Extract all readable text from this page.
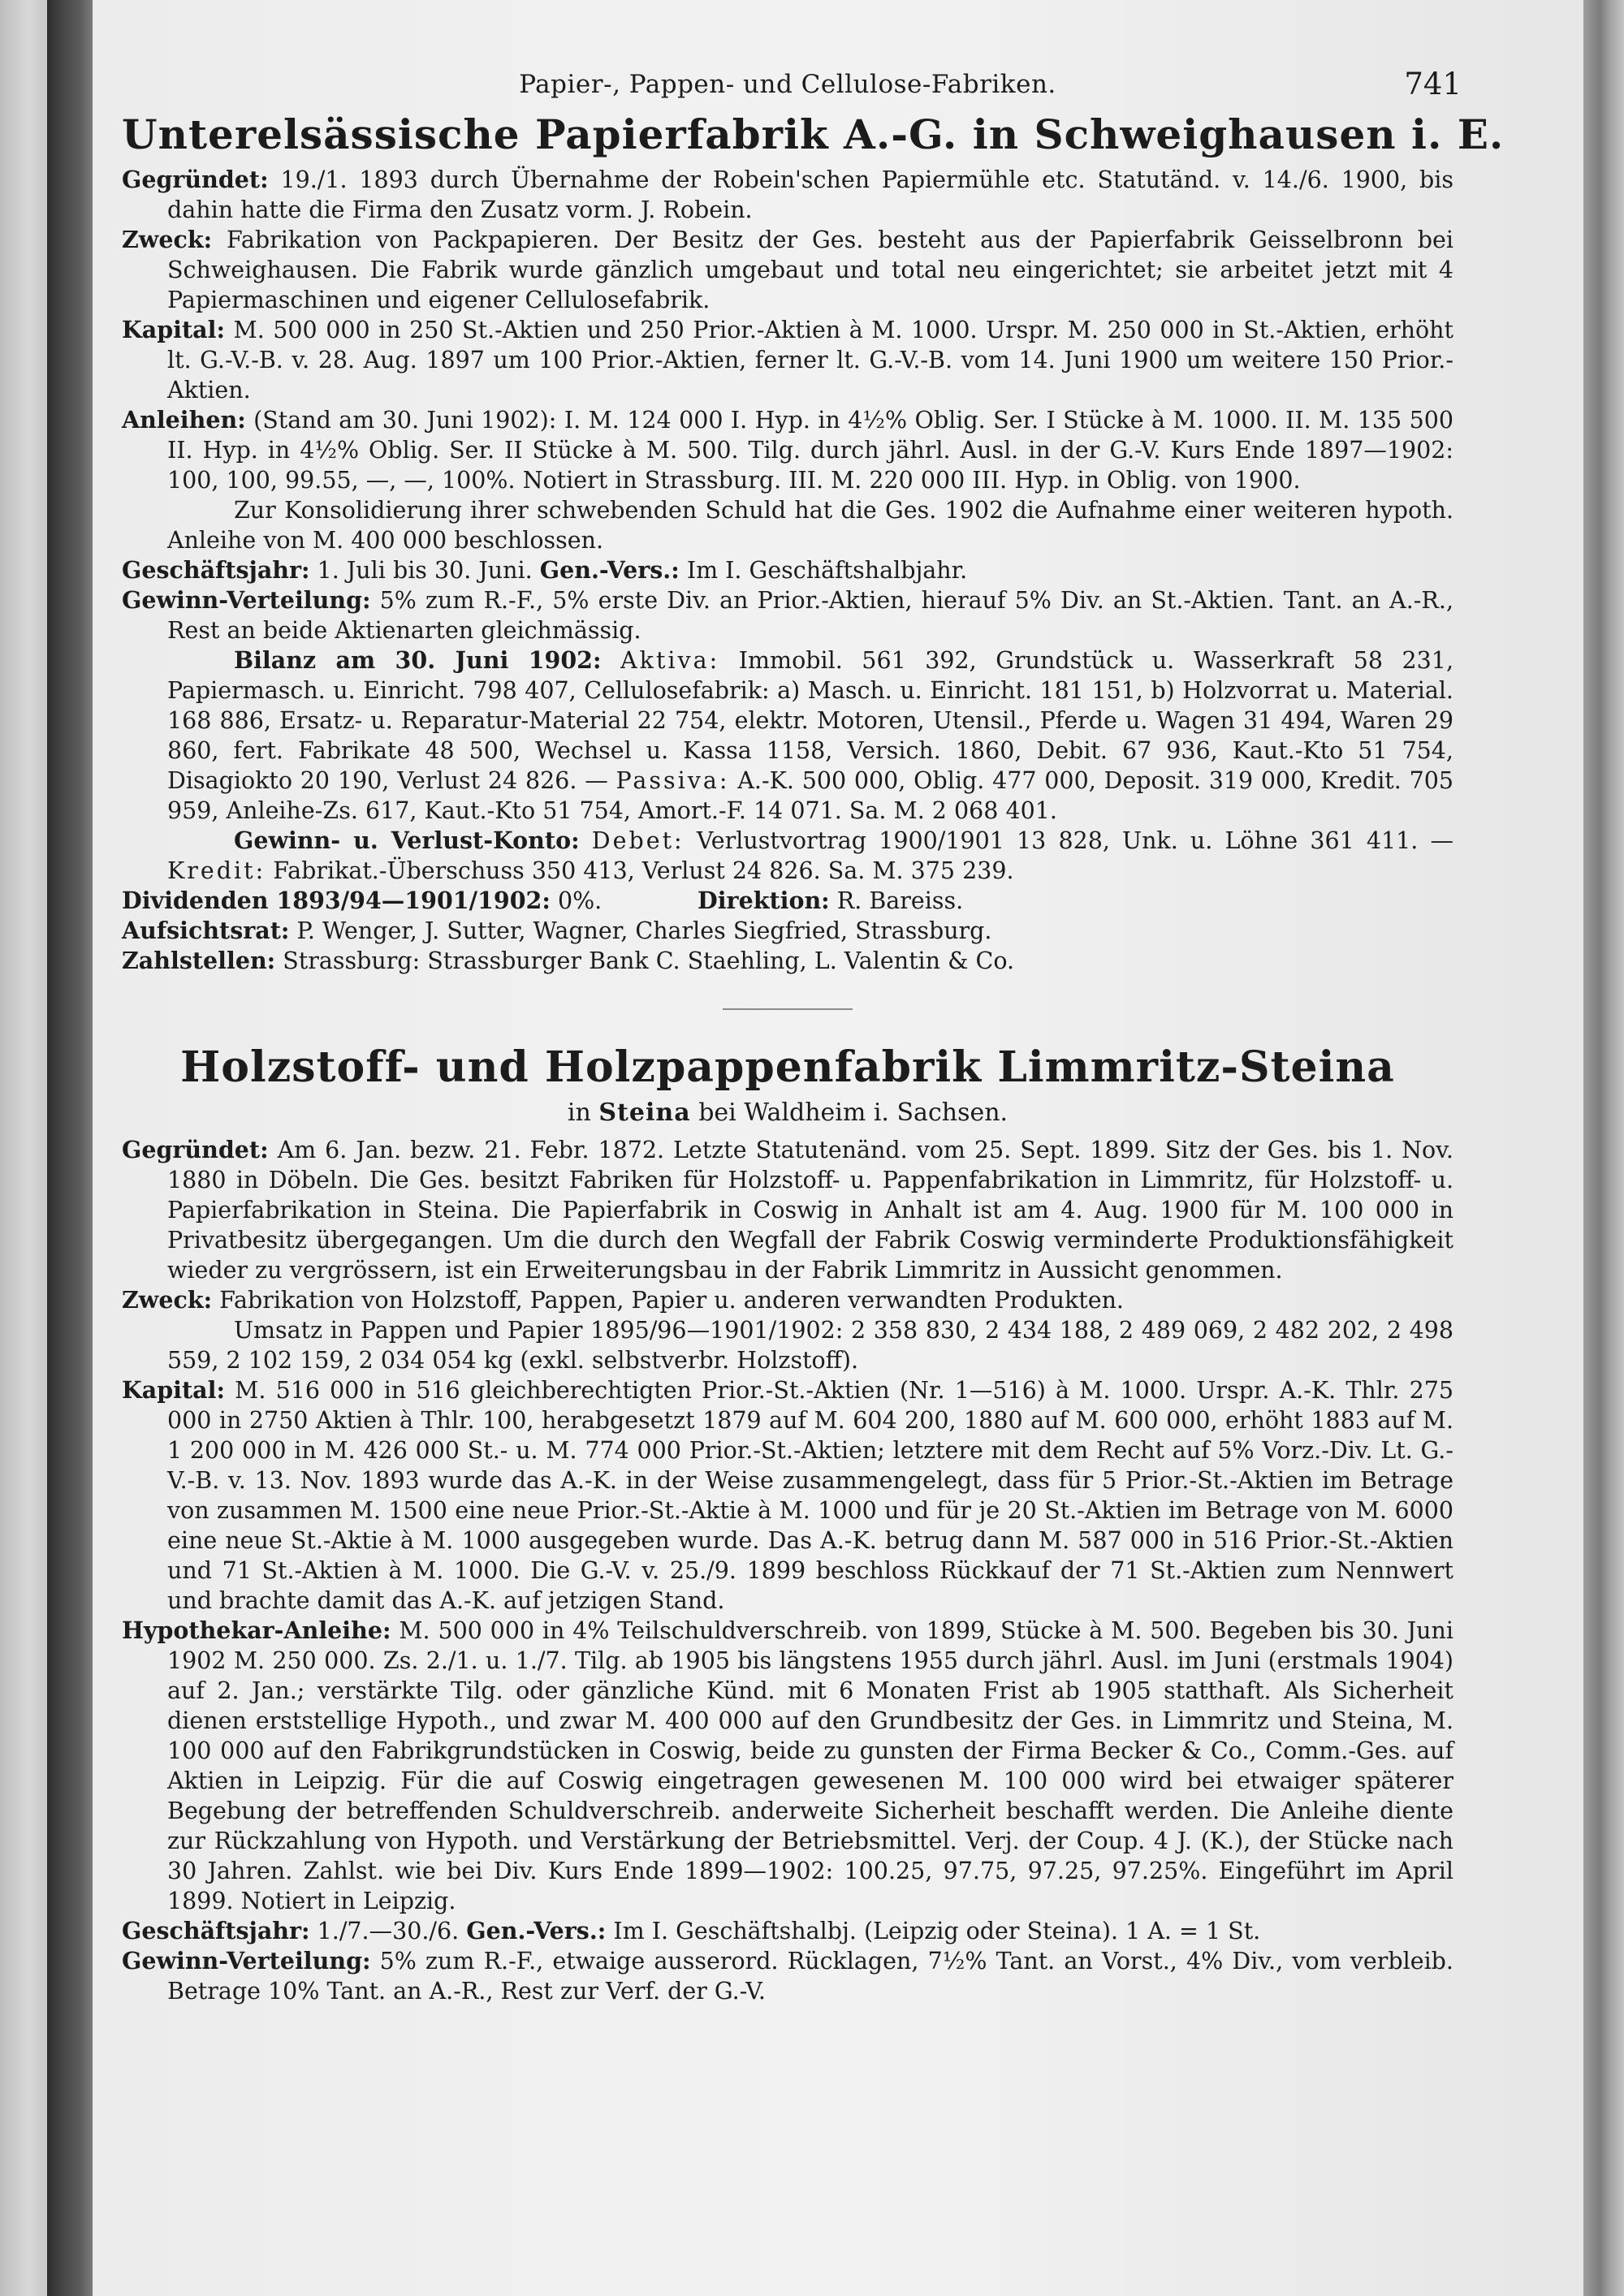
Papier-, Pappen- und Cellulose-Fabriken.	741
Unterelsässische Papierfabrik A.-G. in Schweighausen i. E.

Gegründet: 19./1. 1893 durch Übernahme der Robein'schen Papiermühle etc. Statutänd. v. 14./6. 1900, bis dahin hatte die Firma den Zusatz vorm. J. Robein.

Zweck: Fabrikation von Packpapieren. Der Besitz der Ges. besteht aus der Papierfabrik Geisselbronn bei Schweighausen. Die Fabrik wurde gänzlich umgebaut und total neu eingerichtet; sie arbeitet jetzt mit 4 Papiermaschinen und eigener Cellulosefabrik.

Kapital: M. 500 000 in 250 St.-Aktien und 250 Prior.-Aktien à M. 1000. Urspr. M. 250 000 in St.-Aktien, erhöht lt. G.-V.-B. v. 28. Aug. 1897 um 100 Prior.-Aktien, ferner lt. G.-V.-B. vom 14. Juni 1900 um weitere 150 Prior.-Aktien.

Anleihen: (Stand am 30. Juni 1902): I. M. 124 000 I. Hyp. in 4½% Oblig. Ser. I Stücke à M. 1000. II. M. 135 500 II. Hyp. in 4½% Oblig. Ser. II Stücke à M. 500. Tilg. durch jährl. Ausl. in der G.-V. Kurs Ende 1897—1902: 100, 100, 99.55, —, —, 100%. Notiert in Strassburg. III. M. 220 000 III. Hyp. in Oblig. von 1900.

Zur Konsolidierung ihrer schwebenden Schuld hat die Ges. 1902 die Aufnahme einer weiteren hypoth. Anleihe von M. 400 000 beschlossen.

Geschäftsjahr: 1. Juli bis 30. Juni. Gen.-Vers.: Im I. Geschäftshalbjahr.

Gewinn-Verteilung: 5% zum R.-F., 5% erste Div. an Prior.-Aktien, hierauf 5% Div. an St.-Aktien. Tant. an A.-R., Rest an beide Aktienarten gleichmässig.

Bilanz am 30. Juni 1902: Aktiva: Immobil. 561 392, Grundstück u. Wasserkraft 58 231, Papiermasch. u. Einricht. 798 407, Cellulosefabrik: a) Masch. u. Einricht. 181 151, b) Holzvorrat u. Material. 168 886, Ersatz- u. Reparatur-Material 22 754, elektr. Motoren, Utensil., Pferde u. Wagen 31 494, Waren 29 860, fert. Fabrikate 48 500, Wechsel u. Kassa 1158, Versich. 1860, Debit. 67 936, Kaut.-Kto 51 754, Disagiokto 20 190, Verlust 24 826. — Passiva: A.-K. 500 000, Oblig. 477 000, Deposit. 319 000, Kredit. 705 959, Anleihe-Zs. 617, Kaut.-Kto 51 754, Amort.-F. 14 071. Sa. M. 2 068 401.

Gewinn- u. Verlust-Konto: Debet: Verlustvortrag 1900/1901 13 828, Unk. u. Löhne 361 411. — Kredit: Fabrikat.-Überschuss 350 413, Verlust 24 826. Sa. M. 375 239.

Dividenden 1893/94—1901/1902: 0%.	Direktion: R. Bareiss.

Aufsichtsrat: P. Wenger, J. Sutter, Wagner, Charles Siegfried, Strassburg.

Zahlstellen: Strassburg: Strassburger Bank C. Staehling, L. Valentin & Co.

Holzstoff- und Holzpappenfabrik Limmritz-Steina

in Steina bei Waldheim i. Sachsen.

Gegründet: Am 6. Jan. bezw. 21. Febr. 1872. Letzte Statutenänd. vom 25. Sept. 1899. Sitz der Ges. bis 1. Nov. 1880 in Döbeln. Die Ges. besitzt Fabriken für Holzstoff- u. Pappenfabrikation in Limmritz, für Holzstoff- u. Papierfabrikation in Steina. Die Papierfabrik in Coswig in Anhalt ist am 4. Aug. 1900 für M. 100 000 in Privatbesitz übergegangen. Um die durch den Wegfall der Fabrik Coswig verminderte Produktionsfähigkeit wieder zu vergrössern, ist ein Erweiterungsbau in der Fabrik Limmritz in Aussicht genommen.

Zweck: Fabrikation von Holzstoff, Pappen, Papier u. anderen verwandten Produkten.

Umsatz in Pappen und Papier 1895/96—1901/1902: 2 358 830, 2 434 188, 2 489 069, 2 482 202, 2 498 559, 2 102 159, 2 034 054 kg (exkl. selbstverbr. Holzstoff).

Kapital: M. 516 000 in 516 gleichberechtigten Prior.-St.-Aktien (Nr. 1—516) à M. 1000. Urspr. A.-K. Thlr. 275 000 in 2750 Aktien à Thlr. 100, herabgesetzt 1879 auf M. 604 200, 1880 auf M. 600 000, erhöht 1883 auf M. 1 200 000 in M. 426 000 St.- u. M. 774 000 Prior.-St.-Aktien; letztere mit dem Recht auf 5% Vorz.-Div. Lt. G.-V.-B. v. 13. Nov. 1893 wurde das A.-K. in der Weise zusammengelegt, dass für 5 Prior.-St.-Aktien im Betrage von zusammen M. 1500 eine neue Prior.-St.-Aktie à M. 1000 und für je 20 St.-Aktien im Betrage von M. 6000 eine neue St.-Aktie à M. 1000 ausgegeben wurde. Das A.-K. betrug dann M. 587 000 in 516 Prior.-St.-Aktien und 71 St.-Aktien à M. 1000. Die G.-V. v. 25./9. 1899 beschloss Rückkauf der 71 St.-Aktien zum Nennwert und brachte damit das A.-K. auf jetzigen Stand.

Hypothekar-Anleihe: M. 500 000 in 4% Teilschuldverschreib. von 1899, Stücke à M. 500. Begeben bis 30. Juni 1902 M. 250 000. Zs. 2./1. u. 1./7. Tilg. ab 1905 bis längstens 1955 durch jährl. Ausl. im Juni (erstmals 1904) auf 2. Jan.; verstärkte Tilg. oder gänzliche Künd. mit 6 Monaten Frist ab 1905 statthaft. Als Sicherheit dienen erststellige Hypoth., und zwar M. 400 000 auf den Grundbesitz der Ges. in Limmritz und Steina, M. 100 000 auf den Fabrikgrundstücken in Coswig, beide zu gunsten der Firma Becker & Co., Comm.-Ges. auf Aktien in Leipzig. Für die auf Coswig eingetragen gewesenen M. 100 000 wird bei etwaiger späterer Begebung der betreffenden Schuldverschreib. anderweite Sicherheit beschafft werden. Die Anleihe diente zur Rückzahlung von Hypoth. und Verstärkung der Betriebsmittel. Verj. der Coup. 4 J. (K.), der Stücke nach 30 Jahren. Zahlst. wie bei Div. Kurs Ende 1899—1902: 100.25, 97.75, 97.25, 97.25%. Eingeführt im April 1899. Notiert in Leipzig.

Geschäftsjahr: 1./7.—30./6. Gen.-Vers.: Im I. Geschäftshalbj. (Leipzig oder Steina). 1 A. = 1 St.

Gewinn-Verteilung: 5% zum R.-F., etwaige ausserord. Rücklagen, 7½% Tant. an Vorst., 4% Div., vom verbleib. Betrage 10% Tant. an A.-R., Rest zur Verf. der G.-V.
